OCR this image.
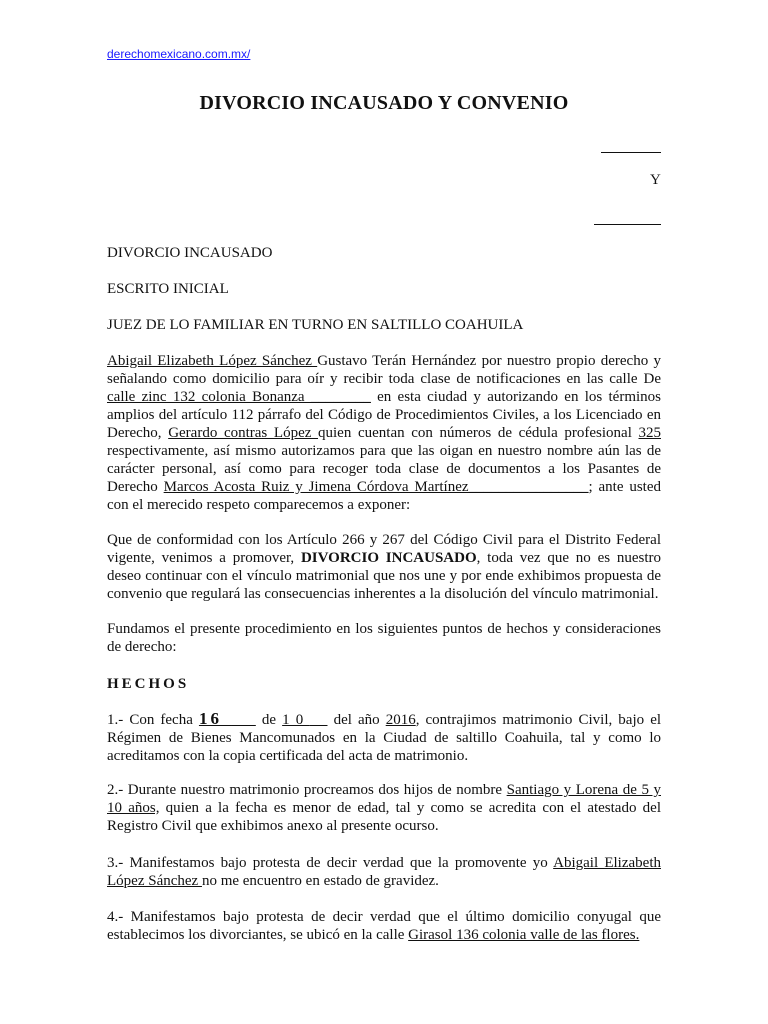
derechomexicano.com.mx/
DIVORCIO INCAUSADO Y CONVENIO
Y
DIVORCIO INCAUSADO
ESCRITO INICIAL
JUEZ DE LO FAMILIAR EN TURNO EN SALTILLO COAHUILA
Abigail Elizabeth López Sánchez Gustavo Terán Hernández por nuestro propio derecho y señalando como domicilio para oír y recibir toda clase de notificaciones en las calle De calle zinc 132 colonia Bonanza ________ en esta ciudad y autorizando en los términos amplios del artículo 112 párrafo del Código de Procedimientos Civiles, a los Licenciado en Derecho, Gerardo contras López quien cuentan con números de cédula profesional 325 respectivamente, así mismo autorizamos para que las oigan en nuestro nombre aún las de carácter personal, así como para recoger toda clase de documentos a los Pasantes de Derecho Marcos Acosta Ruiz y Jimena Córdova Martínez________________; ante usted con el merecido respeto comparecemos a exponer:
Que de conformidad con los Artículo 266 y 267 del Código Civil para el Distrito Federal vigente, venimos a promover, DIVORCIO INCAUSADO, toda vez que no es nuestro deseo continuar con el vínculo matrimonial que nos une y por ende exhibimos propuesta de convenio que regulará las consecuencias inherentes a la disolución del vínculo matrimonial.
Fundamos el presente procedimiento en los siguientes puntos de hechos y consideraciones de derecho:
HECHOS
1.- Con fecha 16      de 1 0     del año 2016, contrajimos matrimonio Civil, bajo el Régimen de Bienes Mancomunados en la Ciudad de saltillo Coahuila, tal y como lo acreditamos con la copia certificada del acta de matrimonio.
2.- Durante nuestro matrimonio procreamos dos hijos de nombre Santiago y Lorena de 5 y 10 años, quien a la fecha es menor de edad, tal y como se acredita con el atestado del Registro Civil que exhibimos anexo al presente ocurso.
3.- Manifestamos bajo protesta de decir verdad que la promovente yo Abigail Elizabeth López Sánchez no me encuentro en estado de gravidez.
4.- Manifestamos bajo protesta de decir verdad que el último domicilio conyugal que establecimos los divorciantes, se ubicó en la calle Girasol 136 colonia valle de las flores.
